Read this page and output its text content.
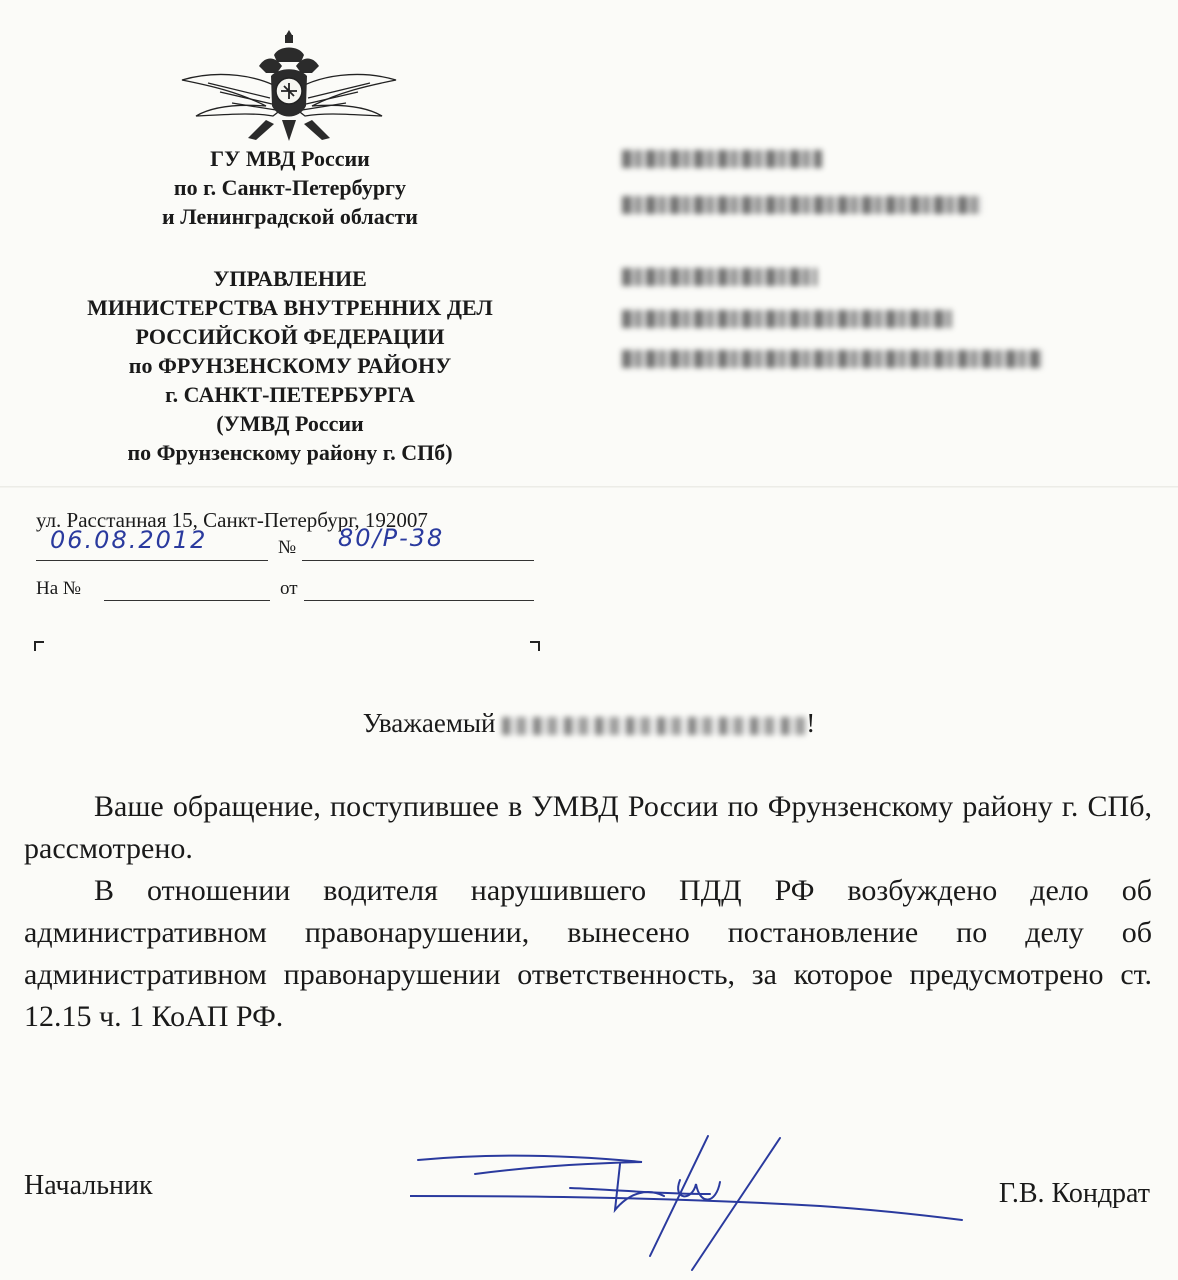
ГУ МВД России
по г. Санкт-Петербургу
и Ленинградской области
УПРАВЛЕНИЕ
МИНИСТЕРСТВА ВНУТРЕННИХ ДЕЛ
РОССИЙСКОЙ ФЕДЕРАЦИИ
по ФРУНЗЕНСКОМУ РАЙОНУ
г. САНКТ-ПЕТЕРБУРГА
(УМВД России
по Фрунзенскому району г. СПб)
ул. Расстанная 15, Санкт-Петербург, 192007
06.08.2012	№ 80/Р-38
На №	от
Уважаемый	!

Ваше обращение, поступившее в УМВД России по Фрунзенскому району г. СПб, рассмотрено.

В отношении водителя нарушившего ПДД РФ возбуждено дело об административном правонарушении, вынесено постановление по делу об административном правонарушении ответственность, за которое предусмотрено ст. 12.15 ч. 1 КоАП РФ.

Начальник	Г.В. Кондрат
